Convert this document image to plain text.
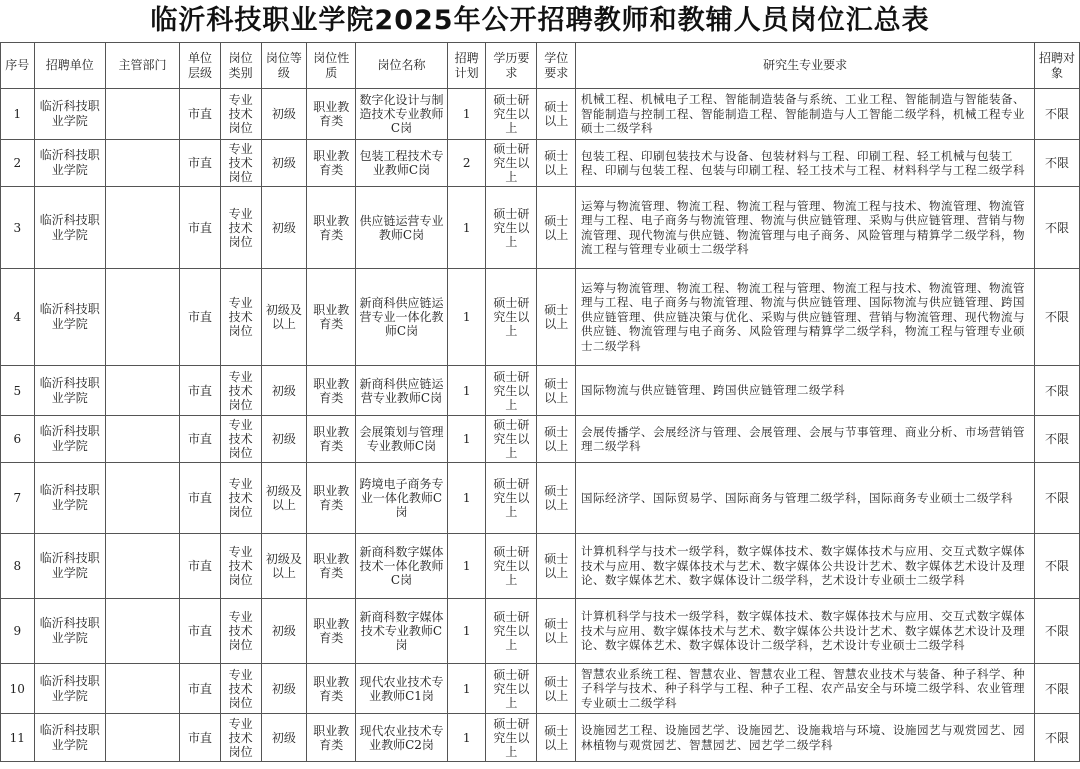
临沂科技职业学院2025年公开招聘教师和教辅人员岗位汇总表
序号	招聘单位	主管部门	单位层级	岗位类别	岗位等级	岗位性质	岗位名称	招聘计划	学历要求	学位要求	研究生专业要求	招聘对象
1	临沂科技职业学院		市直	专业技术岗位	初级	职业教育类	数字化设计与制造技术专业教师C岗	1	硕士研究生以上	硕士以上	机械工程、机械电子工程、智能制造装备与系统、工业工程、智能制造与智能装备、智能制造与控制工程、智能制造工程、智能制造与人工智能二级学科，机械工程专业硕士二级学科	不限
2	临沂科技职业学院		市直	专业技术岗位	初级	职业教育类	包装工程技术专业教师C岗	2	硕士研究生以上	硕士以上	包装工程、印刷包装技术与设备、包装材料与工程、印刷工程、轻工机械与包装工程、印刷与包装工程、包装与印刷工程、轻工技术与工程、材料科学与工程二级学科	不限
3	临沂科技职业学院		市直	专业技术岗位	初级	职业教育类	供应链运营专业教师C岗	1	硕士研究生以上	硕士以上	运筹与物流管理、物流工程、物流工程与管理、物流工程与技术、物流管理、物流管理与工程、电子商务与物流管理、物流与供应链管理、采购与供应链管理、营销与物流管理、现代物流与供应链、物流管理与电子商务、风险管理与精算学二级学科，物流工程与管理专业硕士二级学科	不限
4	临沂科技职业学院		市直	专业技术岗位	初级及以上	职业教育类	新商科供应链运营专业一体化教师C岗	1	硕士研究生以上	硕士以上	运筹与物流管理、物流工程、物流工程与管理、物流工程与技术、物流管理、物流管理与工程、电子商务与物流管理、物流与供应链管理、国际物流与供应链管理、跨国供应链管理、供应链决策与优化、采购与供应链管理、营销与物流管理、现代物流与供应链、物流管理与电子商务、风险管理与精算学二级学科，物流工程与管理专业硕士二级学科	不限
5	临沂科技职业学院		市直	专业技术岗位	初级	职业教育类	新商科供应链运营专业教师C岗	1	硕士研究生以上	硕士以上	国际物流与供应链管理、跨国供应链管理二级学科	不限
6	临沂科技职业学院		市直	专业技术岗位	初级	职业教育类	会展策划与管理专业教师C岗	1	硕士研究生以上	硕士以上	会展传播学、会展经济与管理、会展管理、会展与节事管理、商业分析、市场营销管理二级学科	不限
7	临沂科技职业学院		市直	专业技术岗位	初级及以上	职业教育类	跨境电子商务专业一体化教师C岗	1	硕士研究生以上	硕士以上	国际经济学、国际贸易学、国际商务与管理二级学科，国际商务专业硕士二级学科	不限
8	临沂科技职业学院		市直	专业技术岗位	初级及以上	职业教育类	新商科数字媒体技术一体化教师C岗	1	硕士研究生以上	硕士以上	计算机科学与技术一级学科，数字媒体技术、数字媒体技术与应用、交互式数字媒体技术与应用、数字媒体技术与艺术、数字媒体公共设计艺术、数字媒体艺术设计及理论、数字媒体艺术、数字媒体设计二级学科，艺术设计专业硕士二级学科	不限
9	临沂科技职业学院		市直	专业技术岗位	初级	职业教育类	新商科数字媒体技术专业教师C岗	1	硕士研究生以上	硕士以上	计算机科学与技术一级学科，数字媒体技术、数字媒体技术与应用、交互式数字媒体技术与应用、数字媒体技术与艺术、数字媒体公共设计艺术、数字媒体艺术设计及理论、数字媒体艺术、数字媒体设计二级学科，艺术设计专业硕士二级学科	不限
10	临沂科技职业学院		市直	专业技术岗位	初级	职业教育类	现代农业技术专业教师C1岗	1	硕士研究生以上	硕士以上	智慧农业系统工程、智慧农业、智慧农业工程、智慧农业技术与装备、种子科学、种子科学与技术、种子科学与工程、种子工程、农产品安全与环境二级学科、农业管理专业硕士二级学科	不限
11	临沂科技职业学院		市直	专业技术岗位	初级	职业教育类	现代农业技术专业教师C2岗	1	硕士研究生以上	硕士以上	设施园艺工程、设施园艺学、设施园艺、设施栽培与环境、设施园艺与观赏园艺、园林植物与观赏园艺、智慧园艺、园艺学二级学科	不限
